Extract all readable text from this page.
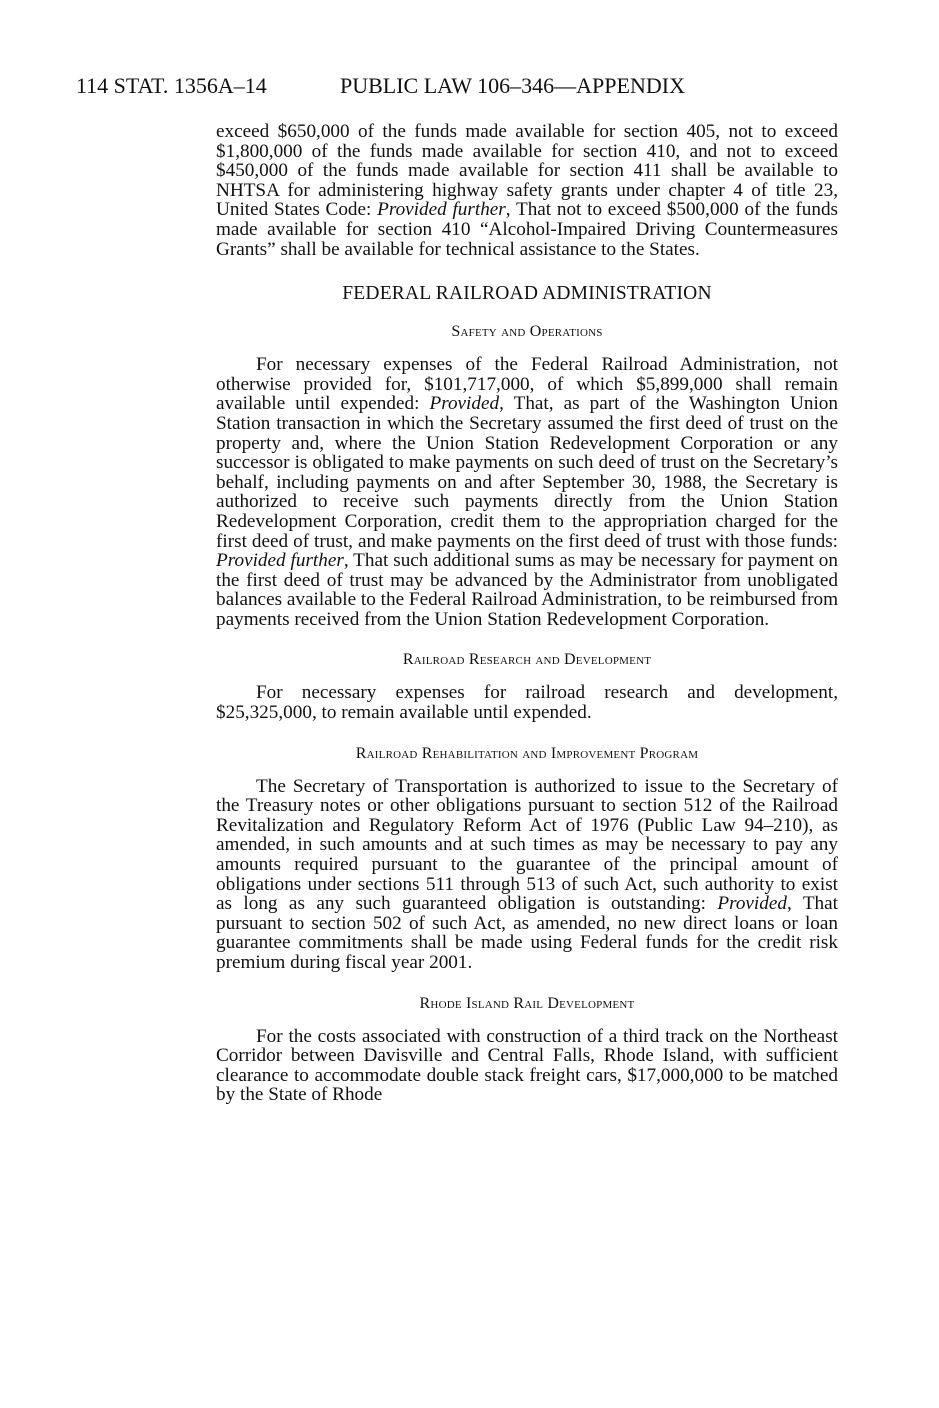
114 STAT. 1356A–14	PUBLIC LAW 106–346—APPENDIX

exceed $650,000 of the funds made available for section 405, not to exceed $1,800,000 of the funds made available for section 410, and not to exceed $450,000 of the funds made available for section 411 shall be available to NHTSA for administering highway safety grants under chapter 4 of title 23, United States Code: Provided further, That not to exceed $500,000 of the funds made available for section 410 “Alcohol-Impaired Driving Countermeasures Grants” shall be available for technical assistance to the States.

FEDERAL RAILROAD ADMINISTRATION
Safety and Operations

For necessary expenses of the Federal Railroad Administration, not otherwise provided for, $101,717,000, of which $5,899,000 shall remain available until expended: Provided, That, as part of the Washington Union Station transaction in which the Secretary assumed the first deed of trust on the property and, where the Union Station Redevelopment Corporation or any successor is obligated to make payments on such deed of trust on the Secretary’s behalf, including payments on and after September 30, 1988, the Secretary is authorized to receive such payments directly from the Union Station Redevelopment Corporation, credit them to the appropriation charged for the first deed of trust, and make payments on the first deed of trust with those funds: Provided further, That such additional sums as may be necessary for payment on the first deed of trust may be advanced by the Administrator from unobligated balances available to the Federal Railroad Administration, to be reimbursed from payments received from the Union Station Redevelopment Corporation.

Railroad Research and Development

For necessary expenses for railroad research and development, $25,325,000, to remain available until expended.

Railroad Rehabilitation and Improvement Program

The Secretary of Transportation is authorized to issue to the Secretary of the Treasury notes or other obligations pursuant to section 512 of the Railroad Revitalization and Regulatory Reform Act of 1976 (Public Law 94–210), as amended, in such amounts and at such times as may be necessary to pay any amounts required pursuant to the guarantee of the principal amount of obligations under sections 511 through 513 of such Act, such authority to exist as long as any such guaranteed obligation is outstanding: Provided, That pursuant to section 502 of such Act, as amended, no new direct loans or loan guarantee commitments shall be made using Federal funds for the credit risk premium during fiscal year 2001.

Rhode Island Rail Development

For the costs associated with construction of a third track on the Northeast Corridor between Davisville and Central Falls, Rhode Island, with sufficient clearance to accommodate double stack freight cars, $17,000,000 to be matched by the State of Rhode
